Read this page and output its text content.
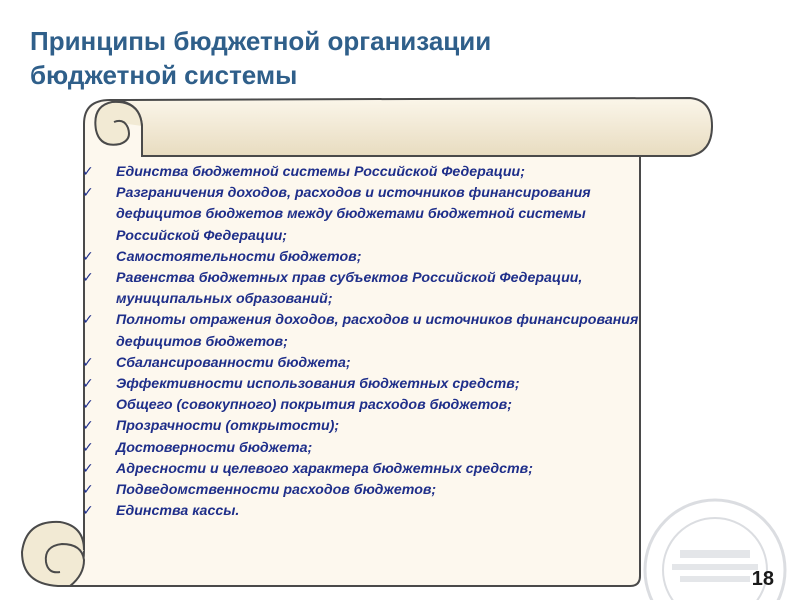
Принципы бюджетной организации
бюджетной системы
✓ Единства бюджетной системы Российской Федерации;
✓ Разграничения доходов, расходов и источников финансирования дефицитов бюджетов между бюджетами бюджетной системы Российской Федерации;
✓ Самостоятельности бюджетов;
✓ Равенства бюджетных прав субъектов Российской Федерации, муниципальных образований;
✓ Полноты отражения доходов, расходов и источников финансирования дефицитов бюджетов;
✓ Сбалансированности бюджета;
✓ Эффективности использования бюджетных средств;
✓ Общего (совокупного) покрытия расходов бюджетов;
✓ Прозрачности (открытости);
✓ Достоверности бюджета;
✓ Адресности и целевого характера бюджетных средств;
✓ Подведомственности расходов бюджетов;
✓ Единства кассы.
18
